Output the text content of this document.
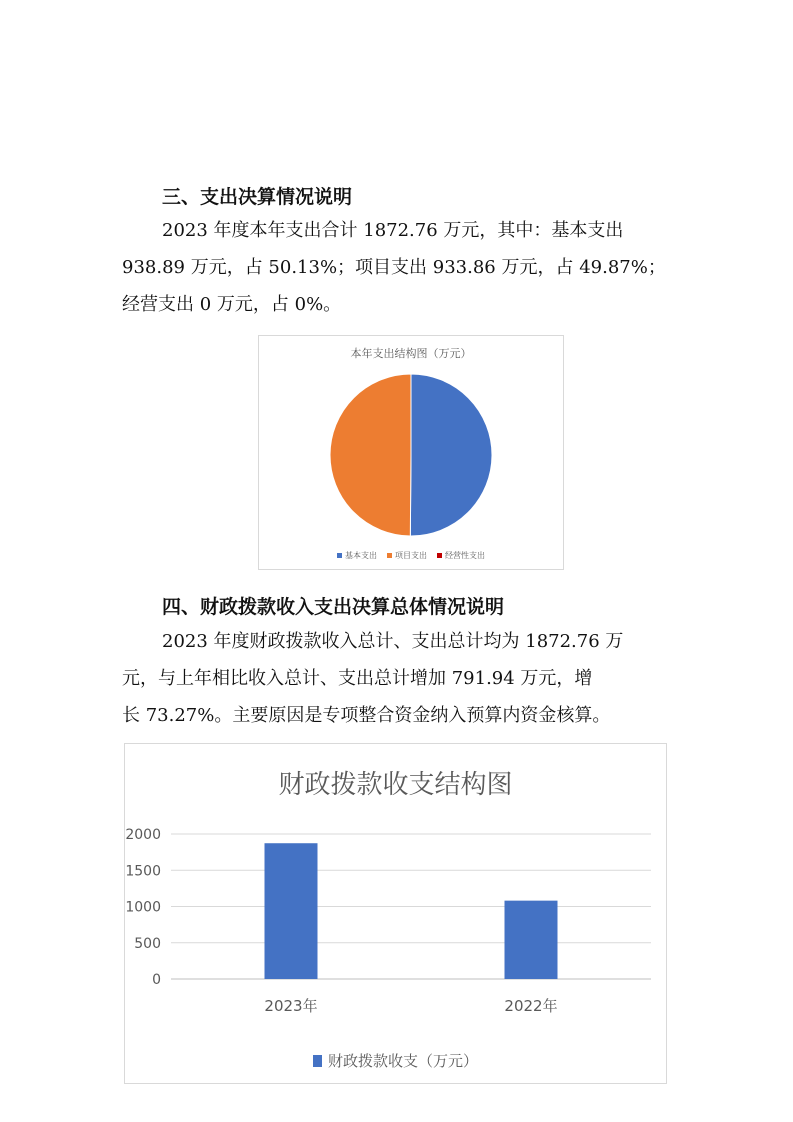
三、支出决算情况说明

2023 年度本年支出合计 1872.76 万元，其中：基本支出

938.89 万元，占 50.13%；项目支出 933.86 万元，占 49.87%；

经营支出 0 万元，占 0%。

本年支出结构图（万元）
基本支出 项目支出 经营性支出
四、财政拨款收入支出决算总体情况说明

2023 年度财政拨款收入总计、支出总计均为 1872.76 万

元，与上年相比收入总计、支出总计增加 791.94 万元，增

长 73.27%。主要原因是专项整合资金纳入预算内资金核算。

财政拨款收支结构图
0
500
1000
1500
2000
2023年	2022年
财政拨款收支（万元）
